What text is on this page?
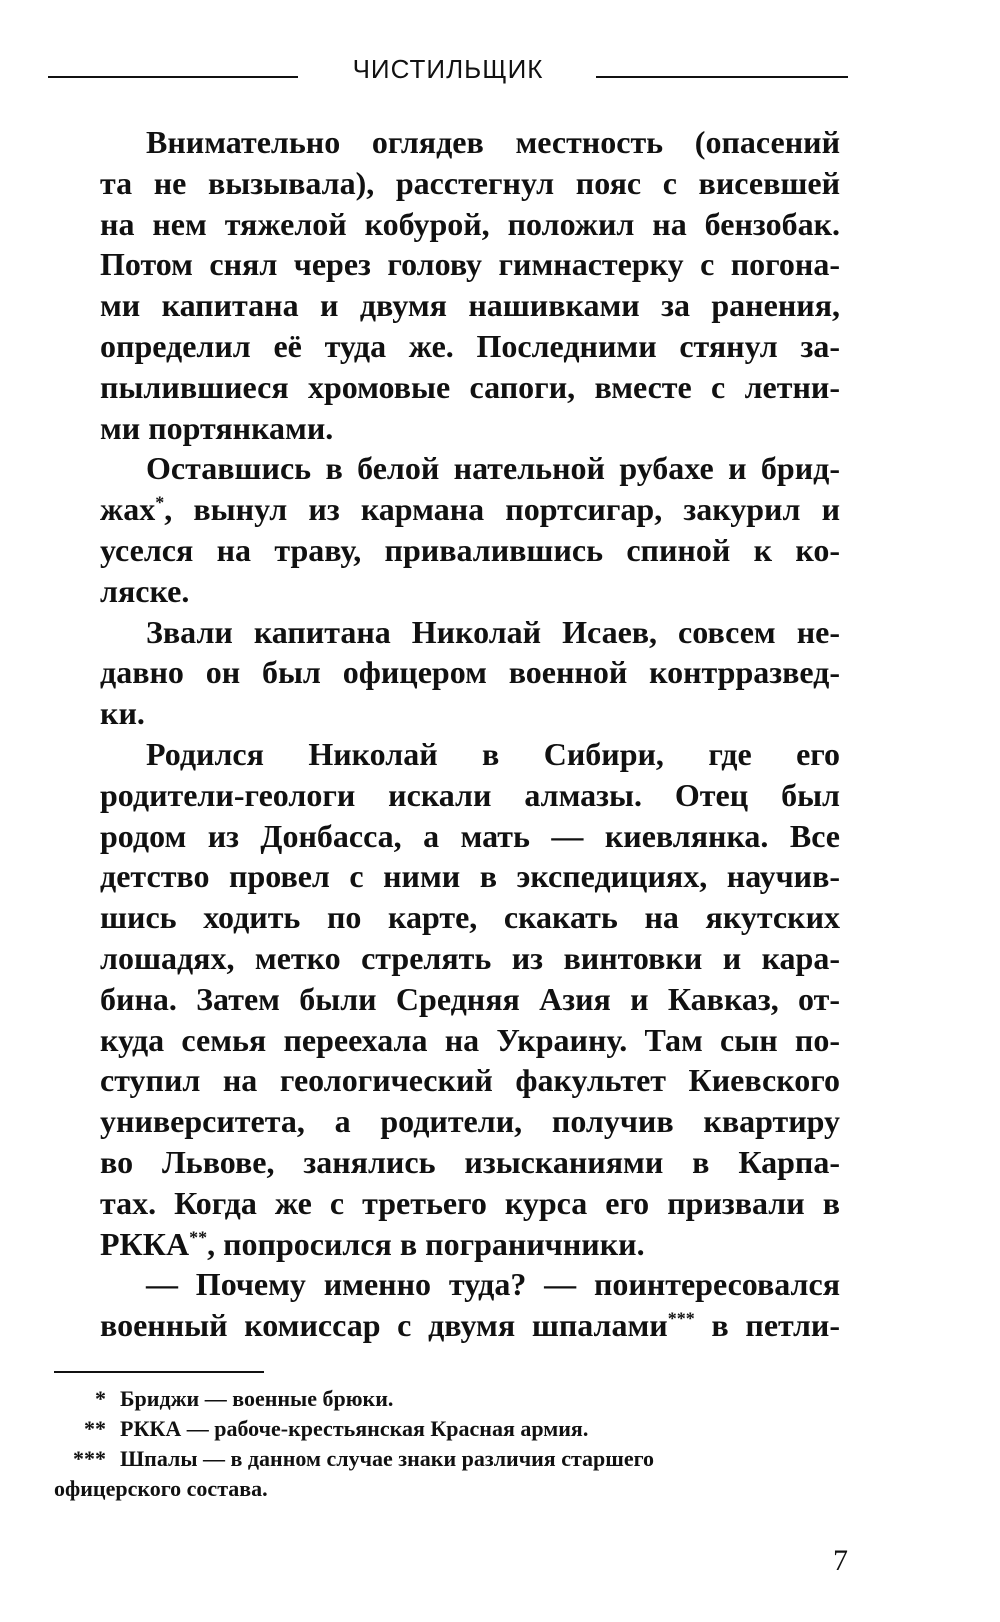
ЧИСТИЛЬЩИК

Внимательно оглядев местность (опасений
та не вызывала), расстегнул пояс с висевшей
на нем тяжелой кобурой, положил на бензобак.
Потом снял через голову гимнастерку с погона-
ми капитана и двумя нашивками за ранения,
определил её туда же. Последними стянул за-
пылившиеся хромовые сапоги, вместе с летни-
ми портянками.

Оставшись в белой нательной рубахе и брид-
жах*, вынул из кармана портсигар, закурил и
уселся на траву, привалившись спиной к ко-
ляске.

Звали капитана Николай Исаев, совсем не-
давно он был офицером военной контрразвед-
ки.

Родился Николай в Сибири, где его
родители-геологи искали алмазы. Отец был
родом из Донбасса, а мать — киевлянка. Все
детство провел с ними в экспедициях, научив-
шись ходить по карте, скакать на якутских
лошадях, метко стрелять из винтовки и кара-
бина. Затем были Средняя Азия и Кавказ, от-
куда семья переехала на Украину. Там сын по-
ступил на геологический факультет Киевского
университета, а родители, получив квартиру
во Львове, занялись изысканиями в Карпа-
тах. Когда же с третьего курса его призвали в
РККА**, попросился в пограничники.

— Почему именно туда? — поинтересовался
военный комиссар с двумя шпалами*** в петли-

* Бриджи — военные брюки.
** РККА — рабоче-крестьянская Красная армия.
*** Шпалы — в данном случае знаки различия старшего
офицерского состава.
7
